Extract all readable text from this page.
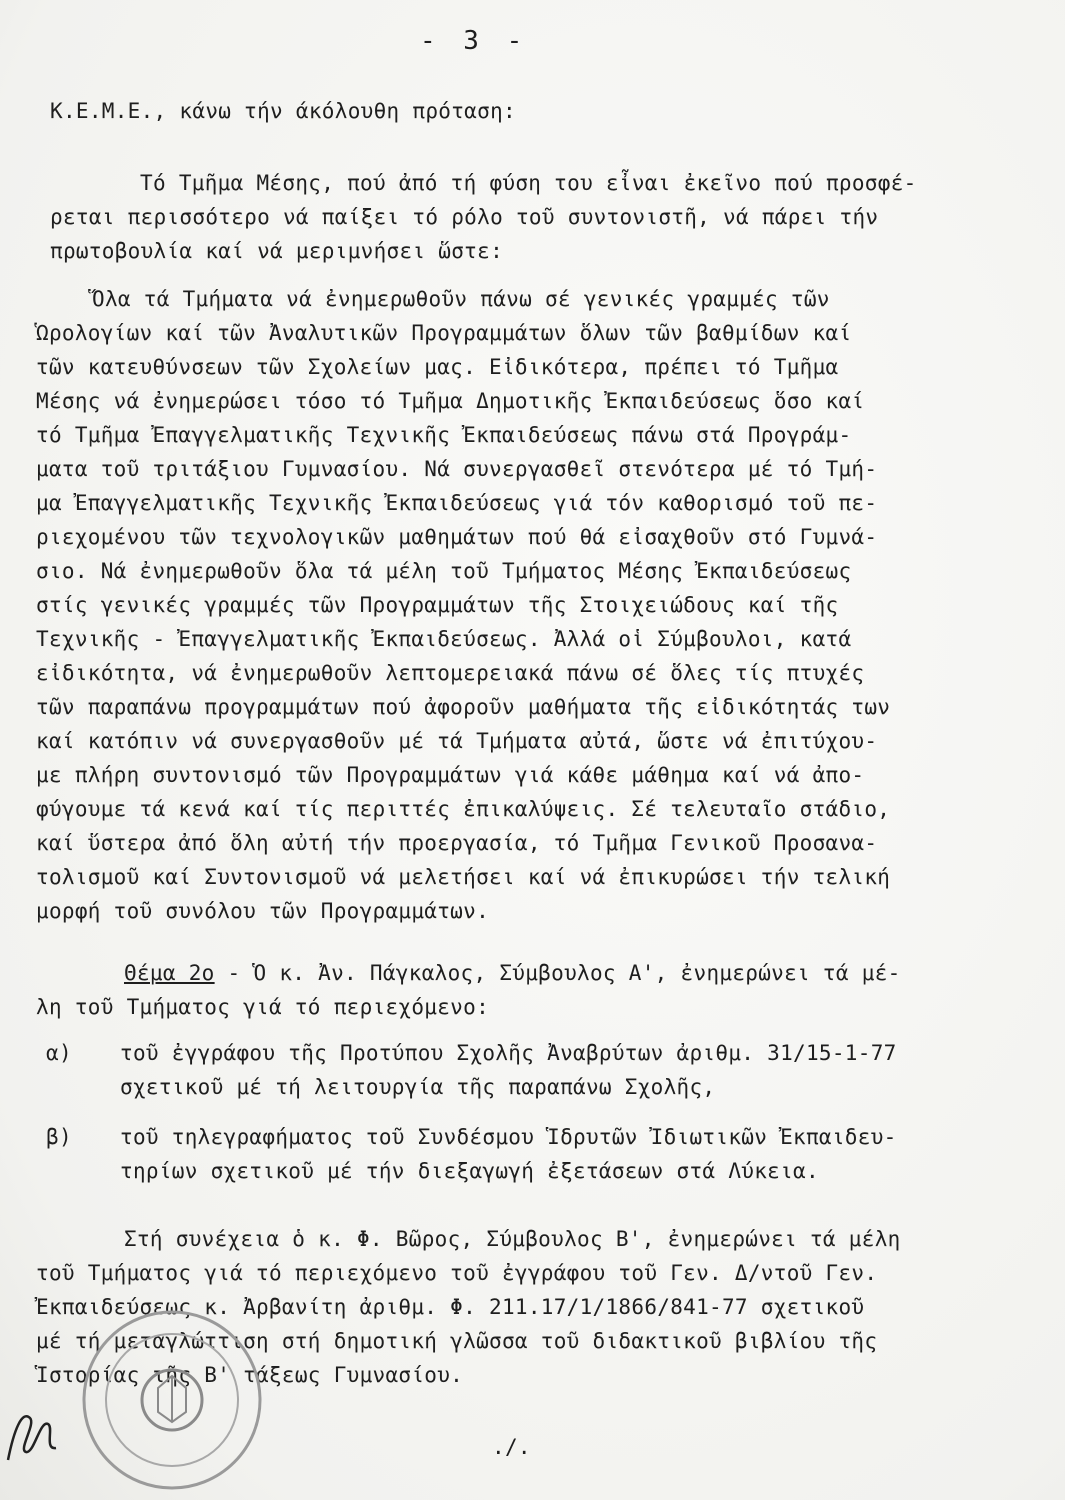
- 3 -
Κ.Ε.Μ.Ε., κάνω τήν άκόλουθη πρόταση:
Τό Τμῆμα Μέσης, πού ἀπό τή φύση του εἶναι ἐκεῖνο πού προσφέ-
ρεται περισσότερο νά παίξει τό ρόλο τοῦ συντονιστῆ, νά πάρει τήν
πρωτοβουλία καί νά μεριμνήσει ὥστε:
Ὅλα τά Τμήματα νά ἐνημερωθοῦν πάνω σέ γενικές γραμμές τῶν
Ὡρολογίων καί τῶν Ἀναλυτικῶν Προγραμμάτων ὅλων τῶν βαθμίδων καί
τῶν κατευθύνσεων τῶν Σχολείων μας. Εἰδικότερα, πρέπει τό Τμῆμα
Μέσης νά ἐνημερώσει τόσο τό Τμῆμα Δημοτικῆς Ἐκπαιδεύσεως ὅσο καί
τό Τμῆμα Ἐπαγγελματικῆς Τεχνικῆς Ἐκπαιδεύσεως πάνω στά Προγράμ-
ματα τοῦ τριτάξιου Γυμνασίου. Νά συνεργασθεῖ στενότερα μέ τό Τμή-
μα Ἐπαγγελματικῆς Τεχνικῆς Ἐκπαιδεύσεως γιά τόν καθορισμό τοῦ πε-
ριεχομένου τῶν τεχνολογικῶν μαθημάτων πού θά εἰσαχθοῦν στό Γυμνά-
σιο. Νά ἐνημερωθοῦν ὅλα τά μέλη τοῦ Τμήματος Μέσης Ἐκπαιδεύσεως
στίς γενικές γραμμές τῶν Προγραμμάτων τῆς Στοιχειώδους καί τῆς
Τεχνικῆς - Ἐπαγγελματικῆς Ἐκπαιδεύσεως. Ἀλλά οἱ Σύμβουλοι, κατά
εἰδικότητα, νά ἐνημερωθοῦν λεπτομερειακά πάνω σέ ὅλες τίς πτυχές
τῶν παραπάνω προγραμμάτων πού ἀφοροῦν μαθήματα τῆς εἰδικότητάς των
καί κατόπιν νά συνεργασθοῦν μέ τά Τμήματα αὐτά, ὥστε νά ἐπιτύχου-
με πλήρη συντονισμό τῶν Προγραμμάτων γιά κάθε μάθημα καί νά ἀπο-
φύγουμε τά κενά καί τίς περιττές ἐπικαλύψεις. Σέ τελευταῖο στάδιο,
καί ὕστερα ἀπό ὅλη αὐτή τήν προεργασία, τό Τμῆμα Γενικοῦ Προσανα-
τολισμοῦ καί Συντονισμοῦ νά μελετήσει καί νά ἐπικυρώσει τήν τελική
μορφή τοῦ συνόλου τῶν Προγραμμάτων.
Θέμα 2ο - Ὁ κ. Ἀν. Πάγκαλος, Σύμβουλος Α', ἐνημερώνει τά μέ-
λη τοῦ Τμήματος γιά τό περιεχόμενο:
α) τοῦ ἐγγράφου τῆς Προτύπου Σχολῆς Ἀναβρύτων ἀριθμ. 31/15-1-77
σχετικοῦ μέ τή λειτουργία τῆς παραπάνω Σχολῆς,
β) τοῦ τηλεγραφήματος τοῦ Συνδέσμου Ἱδρυτῶν Ἰδιωτικῶν Ἐκπαιδευ-
τηρίων σχετικοῦ μέ τήν διεξαγωγή ἐξετάσεων στά Λύκεια.
Στή συνέχεια ὁ κ. Φ. Βῶρος, Σύμβουλος Β', ἐνημερώνει τά μέλη
τοῦ Τμήματος γιά τό περιεχόμενο τοῦ ἐγγράφου τοῦ Γεν. Δ/ντοῦ Γεν.
Ἐκπαιδεύσεως κ. Ἀρβανίτη ἀριθμ. Φ. 211.17/1/1866/841-77 σχετικοῦ
μέ τή μεταγλώττιση στή δημοτική γλῶσσα τοῦ διδακτικοῦ βιβλίου τῆς
Ἱστορίας τῆς Β' τάξεως Γυμνασίου.
./.
